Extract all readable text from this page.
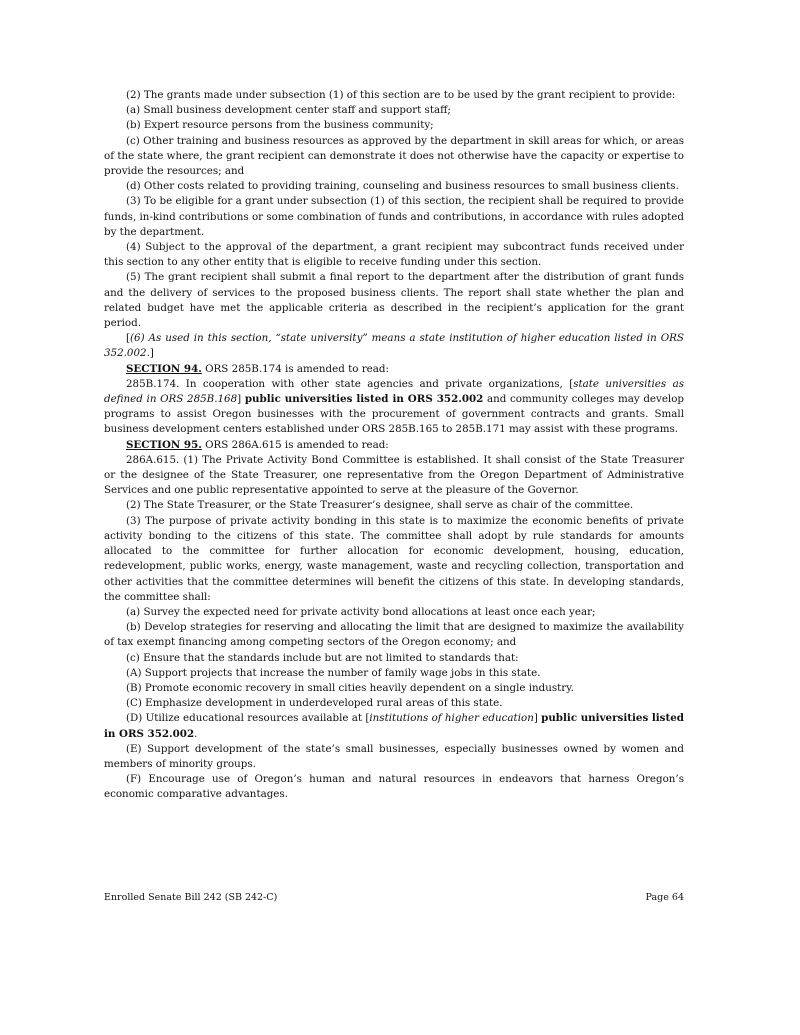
(2) The grants made under subsection (1) of this section are to be used by the grant recipient to provide:

(a) Small business development center staff and support staff;

(b) Expert resource persons from the business community;

(c) Other training and business resources as approved by the department in skill areas for which, or areas of the state where, the grant recipient can demonstrate it does not otherwise have the capacity or expertise to provide the resources; and

(d) Other costs related to providing training, counseling and business resources to small business clients.

(3) To be eligible for a grant under subsection (1) of this section, the recipient shall be required to provide funds, in-kind contributions or some combination of funds and contributions, in accordance with rules adopted by the department.

(4) Subject to the approval of the department, a grant recipient may subcontract funds received under this section to any other entity that is eligible to receive funding under this section.

(5) The grant recipient shall submit a final report to the department after the distribution of grant funds and the delivery of services to the proposed business clients. The report shall state whether the plan and related budget have met the applicable criteria as described in the recipient’s application for the grant period.

[(6) As used in this section, “state university” means a state institution of higher education listed in ORS 352.002.]

SECTION 94. ORS 285B.174 is amended to read:

285B.174. In cooperation with other state agencies and private organizations, [state universities as defined in ORS 285B.168] public universities listed in ORS 352.002 and community colleges may develop programs to assist Oregon businesses with the procurement of government contracts and grants. Small business development centers established under ORS 285B.165 to 285B.171 may assist with these programs.

SECTION 95. ORS 286A.615 is amended to read:

286A.615. (1) The Private Activity Bond Committee is established. It shall consist of the State Treasurer or the designee of the State Treasurer, one representative from the Oregon Department of Administrative Services and one public representative appointed to serve at the pleasure of the Governor.

(2) The State Treasurer, or the State Treasurer’s designee, shall serve as chair of the committee.

(3) The purpose of private activity bonding in this state is to maximize the economic benefits of private activity bonding to the citizens of this state. The committee shall adopt by rule standards for amounts allocated to the committee for further allocation for economic development, housing, education, redevelopment, public works, energy, waste management, waste and recycling collection, transportation and other activities that the committee determines will benefit the citizens of this state. In developing standards, the committee shall:

(a) Survey the expected need for private activity bond allocations at least once each year;

(b) Develop strategies for reserving and allocating the limit that are designed to maximize the availability of tax exempt financing among competing sectors of the Oregon economy; and

(c) Ensure that the standards include but are not limited to standards that:

(A) Support projects that increase the number of family wage jobs in this state.

(B) Promote economic recovery in small cities heavily dependent on a single industry.

(C) Emphasize development in underdeveloped rural areas of this state.

(D) Utilize educational resources available at [institutions of higher education] public universities listed in ORS 352.002.

(E) Support development of the state’s small businesses, especially businesses owned by women and members of minority groups.

(F) Encourage use of Oregon’s human and natural resources in endeavors that harness Oregon’s economic comparative advantages.

Enrolled Senate Bill 242 (SB 242-C)	Page 64
